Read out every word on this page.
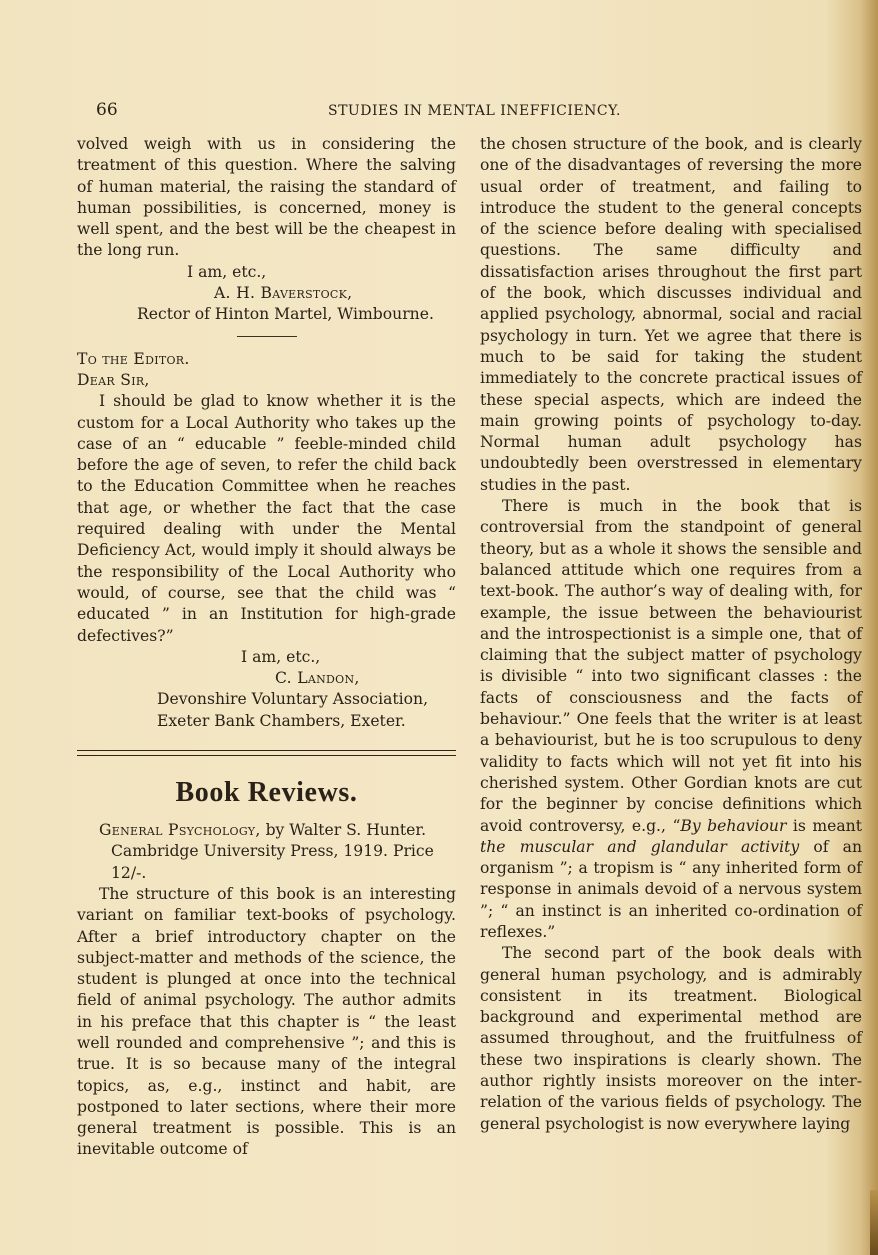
66	STUDIES IN MENTAL INEFFICIENCY.

volved weigh with us in considering the treatment of this question. Where the salving of human material, the raising the standard of human possibilities, is concerned, money is well spent, and the best will be the cheapest in the long run.

I am, etc.,

A. H. Baverstock,

Rector of Hinton Martel, Wimbourne.

To the Editor.

Dear Sir,

I should be glad to know whether it is the custom for a Local Authority who takes up the case of an “ educable ” feeble-minded child before the age of seven, to refer the child back to the Education Committee when he reaches that age, or whether the fact that the case required dealing with under the Mental Deficiency Act, would imply it should always be the responsibility of the Local Authority who would, of course, see that the child was “ educated ” in an Institution for high-grade defectives?”

I am, etc.,

C. Landon,

Devonshire Voluntary Association,

Exeter Bank Chambers, Exeter.

Book Reviews.

General Psychology, by Walter S. Hunter. Cambridge University Press, 1919. Price 12/-.

The structure of this book is an interesting variant on familiar text-books of psychology. After a brief introductory chapter on the subject-matter and methods of the science, the student is plunged at once into the technical field of animal psychology. The author admits in his preface that this chapter is “ the least well rounded and comprehensive ”; and this is true. It is so because many of the integral topics, as, e.g., instinct and habit, are postponed to later sections, where their more general treatment is possible. This is an inevitable outcome of

the chosen structure of the book, and is clearly one of the disadvantages of reversing the more usual order of treatment, and failing to introduce the student to the general concepts of the science before dealing with specialised questions. The same difficulty and dissatisfaction arises throughout the first part of the book, which discusses individual and applied psychology, abnormal, social and racial psychology in turn. Yet we agree that there is much to be said for taking the student immediately to the concrete practical issues of these special aspects, which are indeed the main growing points of psychology to-day. Normal human adult psychology has undoubtedly been overstressed in elementary studies in the past.

There is much in the book that is controversial from the standpoint of general theory, but as a whole it shows the sensible and balanced attitude which one requires from a text-book. The author’s way of dealing with, for example, the issue between the behaviourist and the introspectionist is a simple one, that of claiming that the subject matter of psychology is divisible “ into two significant classes : the facts of consciousness and the facts of behaviour.” One feels that the writer is at least a behaviourist, but he is too scrupulous to deny validity to facts which will not yet fit into his cherished system. Other Gordian knots are cut for the beginner by concise definitions which avoid controversy, e.g., “By behaviour is meant the muscular and glandular activity of an organism ”; a tropism is “ any inherited form of response in animals devoid of a nervous system ”; “ an instinct is an inherited co-ordination of reflexes.”

The second part of the book deals with general human psychology, and is admirably consistent in its treatment. Biological background and experimental method are assumed throughout, and the fruitfulness of these two inspirations is clearly shown. The author rightly insists moreover on the inter-relation of the various fields of psychology. The general psychologist is now everywhere laying
